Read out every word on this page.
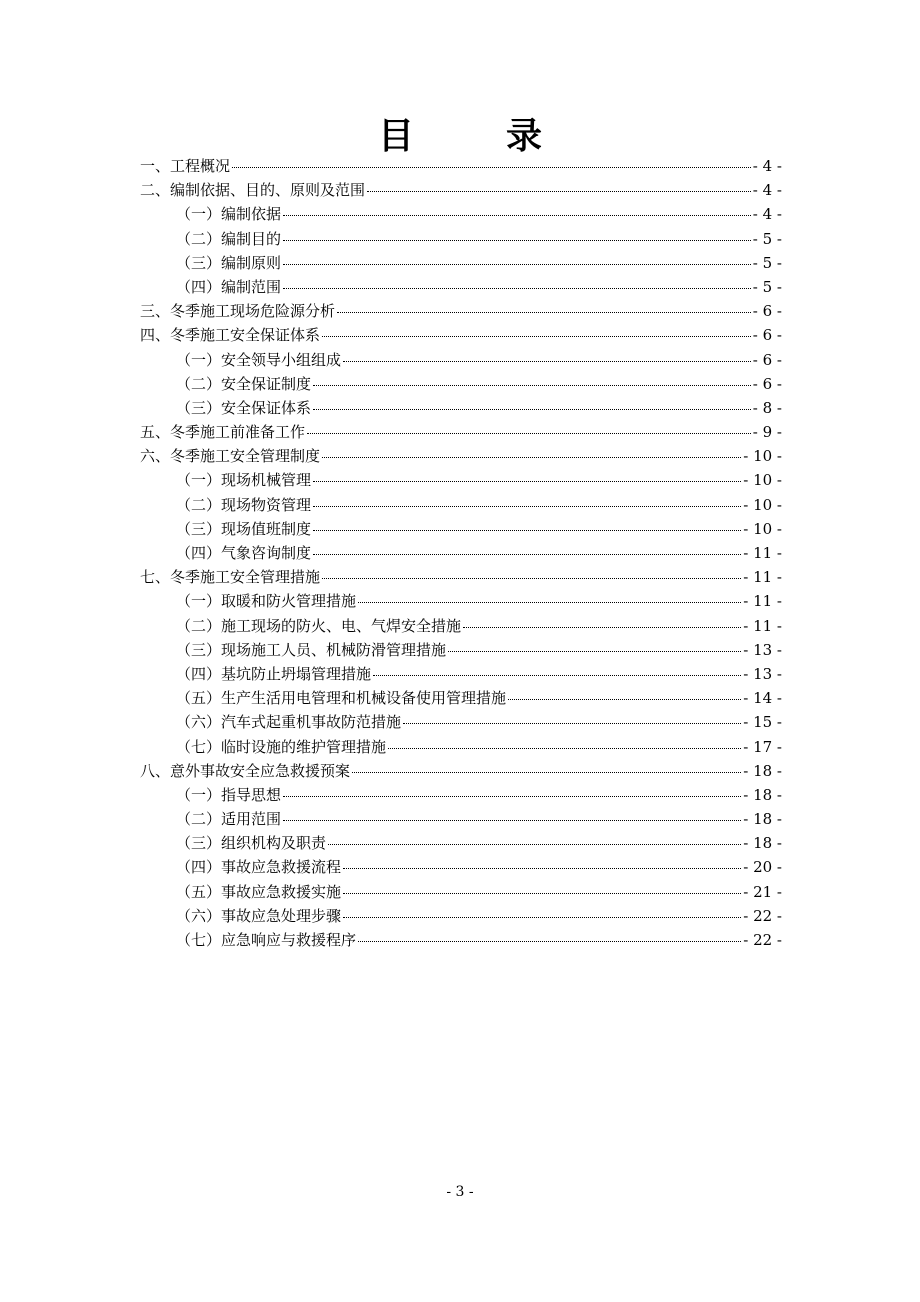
目　录
一、工程概况	- 4 -
二、编制依据、目的、原则及范围	- 4 -
（一）编制依据	- 4 -
（二）编制目的	- 5 -
（三）编制原则	- 5 -
（四）编制范围	- 5 -
三、冬季施工现场危险源分析	- 6 -
四、冬季施工安全保证体系	- 6 -
（一）安全领导小组组成	- 6 -
（二）安全保证制度	- 6 -
（三）安全保证体系	- 8 -
五、冬季施工前准备工作	- 9 -
六、冬季施工安全管理制度	- 10 -
（一）现场机械管理	- 10 -
（二）现场物资管理	- 10 -
（三）现场值班制度	- 10 -
（四）气象咨询制度	- 11 -
七、冬季施工安全管理措施	- 11 -
（一）取暖和防火管理措施	- 11 -
（二）施工现场的防火、电、气焊安全措施	- 11 -
（三）现场施工人员、机械防滑管理措施	- 13 -
（四）基坑防止坍塌管理措施	- 13 -
（五）生产生活用电管理和机械设备使用管理措施	- 14 -
（六）汽车式起重机事故防范措施	- 15 -
（七）临时设施的维护管理措施	- 17 -
八、意外事故安全应急救援预案	- 18 -
（一）指导思想	- 18 -
（二）适用范围	- 18 -
（三）组织机构及职责	- 18 -
（四）事故应急救援流程	- 20 -
（五）事故应急救援实施	- 21 -
（六）事故应急处理步骤	- 22 -
（七）应急响应与救援程序	- 22 -
- 3 -
